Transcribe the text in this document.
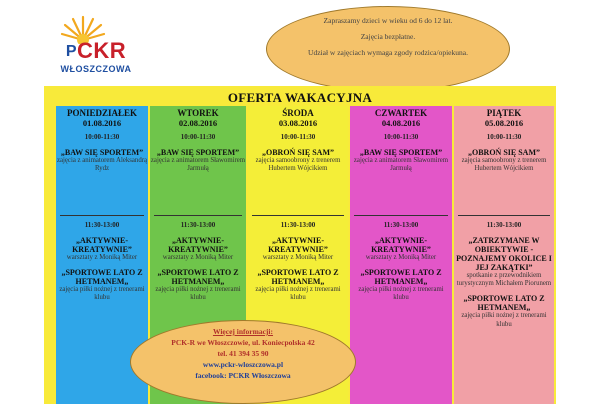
PCKR
WŁOSZCZOWA

Zapraszamy dzieci w wieku od 6 do 12 lat.

Zajęcia bezpłatne.

Udział w zajęciach wymaga zgody rodzica/opiekuna.

OFERTA WAKACYJNA
PONIEDZIAŁEK
01.08.2016
10:00-11:30
„BAW SIĘ SPORTEM”
zajęcia z animatorem Aleksandrą Rydz
11:30-13:00
„AKTYWNIE-KREATYWNIE”
warsztaty z Moniką Miter
„SPORTOWE LATO Z HETMANEM„
zajęcia piłki nożnej z trenerami klubu
WTOREK
02.08.2016
10:00-11:30
„BAW SIĘ SPORTEM”
zajęcia z animatorem Sławomirem Jarmułą
11:30-13:00
„AKTYWNIE-KREATYWNIE”
warsztaty z Moniką Miter
„SPORTOWE LATO Z HETMANEM„
zajęcia piłki nożnej z trenerami klubu
ŚRODA
03.08.2016
10:00-11:30
„OBROŃ SIĘ SAM”
zajęcia samoobrony z trenerem Hubertem Wójcikiem
11:30-13:00
„AKTYWNIE-KREATYWNIE”
warsztaty z Moniką Miter
„SPORTOWE LATO Z HETMANEM„
zajęcia piłki nożnej z trenerami klubu
CZWARTEK
04.08.2016
10:00-11:30
„BAW SIĘ SPORTEM”
zajęcia z animatorem Sławomirem Jarmułą
11:30-13:00
„AKTYWNIE-KREATYWNIE”
warsztaty z Moniką Miter
„SPORTOWE LATO Z HETMANEM„
zajęcia piłki nożnej z trenerami klubu
PIĄTEK
05.08.2016
10:00-11:30
„OBROŃ SIĘ SAM”
zajęcia samoobrony z trenerem Hubertem Wójcikiem
11:30-13:00
„ZATRZYMANE W OBIEKTYWIE - POZNAJEMY OKOLICE I JEJ ZAKĄTKI”
spotkanie z przewodnikiem turystycznym Michałem Piorunem
„SPORTOWE LATO Z HETMANEM„
zajęcia piłki nożnej z trenerami klubu
Więcej informacji:
PCK-R we Włoszczowie, ul. Koniecpolska 42
tel. 41 394 35 90
www.pckr-wloszczowa.pl
facebook: PCKR Włoszczowa
